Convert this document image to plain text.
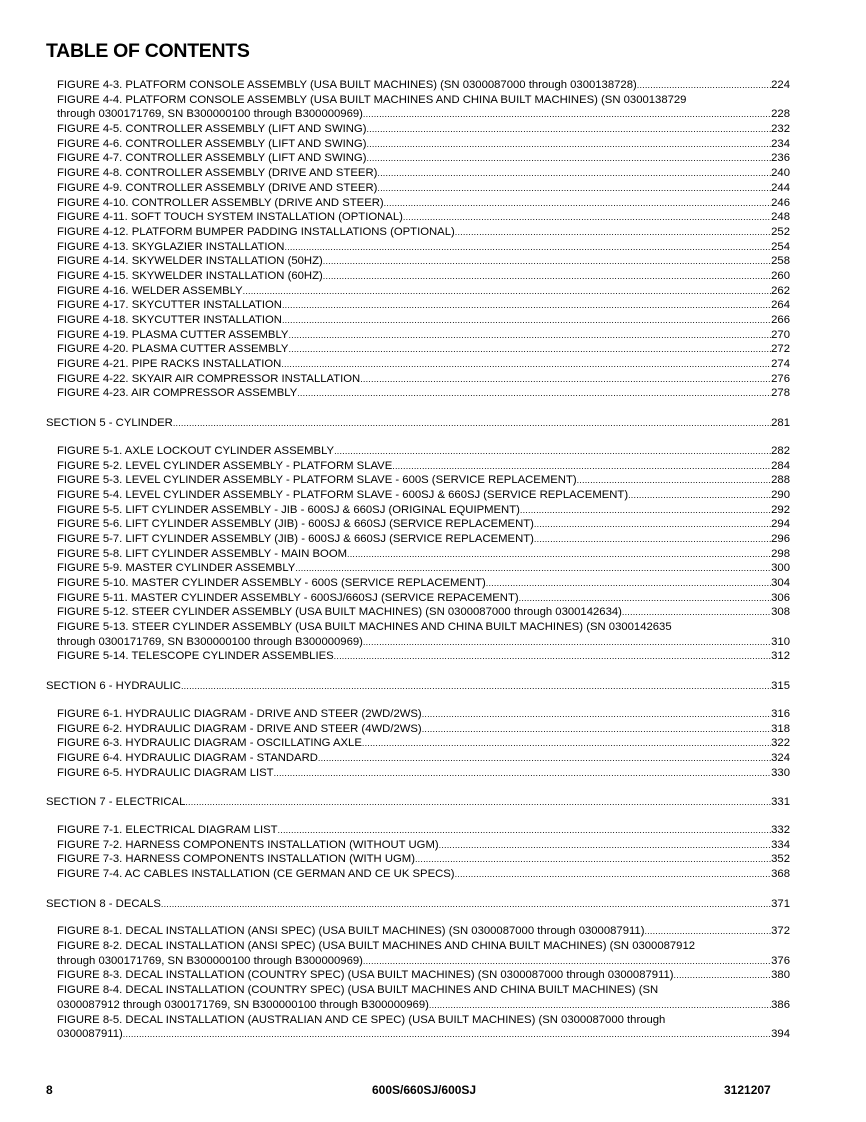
TABLE OF CONTENTS
FIGURE 4-3. PLATFORM CONSOLE ASSEMBLY (USA BUILT MACHINES) (SN 0300087000 through 0300138728) .....	224
FIGURE 4-4. PLATFORM CONSOLE ASSEMBLY (USA BUILT MACHINES AND CHINA BUILT MACHINES) (SN 0300138729
through 0300171769, SN B300000100 through B300000969) .....	228
FIGURE 4-5. CONTROLLER ASSEMBLY (LIFT AND SWING) .....	232
FIGURE 4-6. CONTROLLER ASSEMBLY (LIFT AND SWING) .....	234
FIGURE 4-7. CONTROLLER ASSEMBLY (LIFT AND SWING) .....	236
FIGURE 4-8. CONTROLLER ASSEMBLY (DRIVE AND STEER) .....	240
FIGURE 4-9. CONTROLLER ASSEMBLY (DRIVE AND STEER) .....	244
FIGURE 4-10. CONTROLLER ASSEMBLY (DRIVE AND STEER) .....	246
FIGURE 4-11. SOFT TOUCH SYSTEM INSTALLATION (OPTIONAL) .....	248
FIGURE 4-12. PLATFORM BUMPER PADDING INSTALLATIONS (OPTIONAL) .....	252
FIGURE 4-13. SKYGLAZIER INSTALLATION .....	254
FIGURE 4-14. SKYWELDER INSTALLATION (50HZ) .....	258
FIGURE 4-15. SKYWELDER INSTALLATION (60HZ) .....	260
FIGURE 4-16. WELDER ASSEMBLY .....	262
FIGURE 4-17. SKYCUTTER INSTALLATION .....	264
FIGURE 4-18. SKYCUTTER INSTALLATION .....	266
FIGURE 4-19. PLASMA CUTTER ASSEMBLY .....	270
FIGURE 4-20. PLASMA CUTTER ASSEMBLY .....	272
FIGURE 4-21. PIPE RACKS INSTALLATION .....	274
FIGURE 4-22. SKYAIR AIR COMPRESSOR INSTALLATION .....	276
FIGURE 4-23. AIR COMPRESSOR ASSEMBLY .....	278
SECTION 5 - CYLINDER .....	281
FIGURE 5-1. AXLE LOCKOUT CYLINDER ASSEMBLY .....	282
FIGURE 5-2. LEVEL CYLINDER ASSEMBLY - PLATFORM SLAVE .....	284
FIGURE 5-3. LEVEL CYLINDER ASSEMBLY - PLATFORM SLAVE - 600S (SERVICE REPLACEMENT) .....	288
FIGURE 5-4. LEVEL CYLINDER ASSEMBLY - PLATFORM SLAVE - 600SJ & 660SJ (SERVICE REPLACEMENT) .....	290
FIGURE 5-5. LIFT CYLINDER ASSEMBLY - JIB - 600SJ & 660SJ (ORIGINAL EQUIPMENT) .....	292
FIGURE 5-6. LIFT CYLINDER ASSEMBLY (JIB) - 600SJ & 660SJ (SERVICE REPLACEMENT) .....	294
FIGURE 5-7. LIFT CYLINDER ASSEMBLY (JIB) - 600SJ & 660SJ (SERVICE REPLACEMENT) .....	296
FIGURE 5-8. LIFT CYLINDER ASSEMBLY - MAIN BOOM .....	298
FIGURE 5-9. MASTER CYLINDER ASSEMBLY .....	300
FIGURE 5-10. MASTER CYLINDER ASSEMBLY - 600S (SERVICE REPLACEMENT) .....	304
FIGURE 5-11. MASTER CYLINDER ASSEMBLY - 600SJ/660SJ (SERVICE REPACEMENT) .....	306
FIGURE 5-12. STEER CYLINDER ASSEMBLY (USA BUILT MACHINES) (SN 0300087000 through 0300142634) .....	308
FIGURE 5-13. STEER CYLINDER ASSEMBLY (USA BUILT MACHINES AND CHINA BUILT MACHINES) (SN 0300142635
through 0300171769, SN B300000100 through B300000969) .....	310
FIGURE 5-14. TELESCOPE CYLINDER ASSEMBLIES .....	312
SECTION 6 - HYDRAULIC .....	315
FIGURE 6-1. HYDRAULIC DIAGRAM - DRIVE AND STEER (2WD/2WS) .....	316
FIGURE 6-2. HYDRAULIC DIAGRAM - DRIVE AND STEER (4WD/2WS) .....	318
FIGURE 6-3. HYDRAULIC DIAGRAM - OSCILLATING AXLE .....	322
FIGURE 6-4. HYDRAULIC DIAGRAM - STANDARD .....	324
FIGURE 6-5. HYDRAULIC DIAGRAM LIST .....	330
SECTION 7 - ELECTRICAL .....	331
FIGURE 7-1. ELECTRICAL DIAGRAM LIST .....	332
FIGURE 7-2. HARNESS COMPONENTS INSTALLATION (WITHOUT UGM) .....	334
FIGURE 7-3. HARNESS COMPONENTS INSTALLATION (WITH UGM) .....	352
FIGURE 7-4. AC CABLES INSTALLATION (CE GERMAN AND CE UK SPECS) .....	368
SECTION 8 - DECALS .....	371
FIGURE 8-1. DECAL INSTALLATION (ANSI SPEC) (USA BUILT MACHINES) (SN 0300087000 through 0300087911) .....	372
FIGURE 8-2. DECAL INSTALLATION (ANSI SPEC) (USA BUILT MACHINES AND CHINA BUILT MACHINES) (SN 0300087912
through 0300171769, SN B300000100 through B300000969) .....	376
FIGURE 8-3. DECAL INSTALLATION (COUNTRY SPEC) (USA BUILT MACHINES) (SN 0300087000 through 0300087911) .....	380
FIGURE 8-4. DECAL INSTALLATION (COUNTRY SPEC) (USA BUILT MACHINES AND CHINA BUILT MACHINES) (SN
0300087912 through 0300171769, SN B300000100 through B300000969) .....	386
FIGURE 8-5. DECAL INSTALLATION (AUSTRALIAN AND CE SPEC) (USA BUILT MACHINES) (SN 0300087000 through
0300087911) .....	394
8	600S/660SJ/600SJ	3121207
